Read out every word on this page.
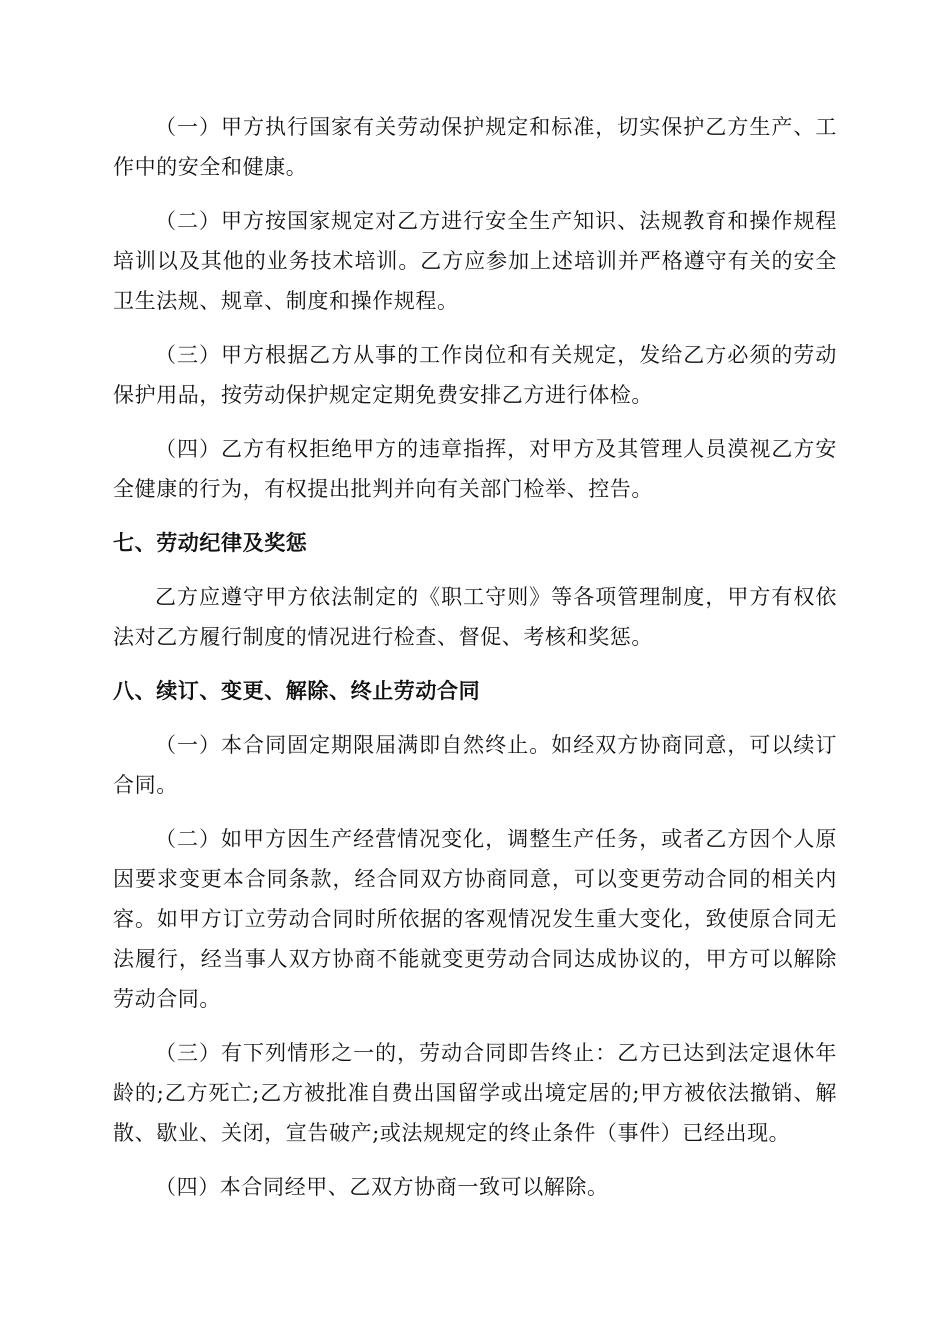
（一）甲方执行国家有关劳动保护规定和标准，切实保护乙方生产、工作中的安全和健康。

（二）甲方按国家规定对乙方进行安全生产知识、法规教育和操作规程培训以及其他的业务技术培训。乙方应参加上述培训并严格遵守有关的安全卫生法规、规章、制度和操作规程。

（三）甲方根据乙方从事的工作岗位和有关规定，发给乙方必须的劳动保护用品，按劳动保护规定定期免费安排乙方进行体检。

（四）乙方有权拒绝甲方的违章指挥，对甲方及其管理人员漠视乙方安全健康的行为，有权提出批判并向有关部门检举、控告。

七、劳动纪律及奖惩

乙方应遵守甲方依法制定的《职工守则》等各项管理制度，甲方有权依法对乙方履行制度的情况进行检查、督促、考核和奖惩。

八、续订、变更、解除、终止劳动合同

（一）本合同固定期限届满即自然终止。如经双方协商同意，可以续订合同。

（二）如甲方因生产经营情况变化，调整生产任务，或者乙方因个人原因要求变更本合同条款，经合同双方协商同意，可以变更劳动合同的相关内容。如甲方订立劳动合同时所依据的客观情况发生重大变化，致使原合同无法履行，经当事人双方协商不能就变更劳动合同达成协议的，甲方可以解除劳动合同。

（三）有下列情形之一的，劳动合同即告终止：乙方已达到法定退休年龄的;乙方死亡;乙方被批准自费出国留学或出境定居的;甲方被依法撤销、解散、歇业、关闭，宣告破产;或法规规定的终止条件（事件）已经出现。

（四）本合同经甲、乙双方协商一致可以解除。
